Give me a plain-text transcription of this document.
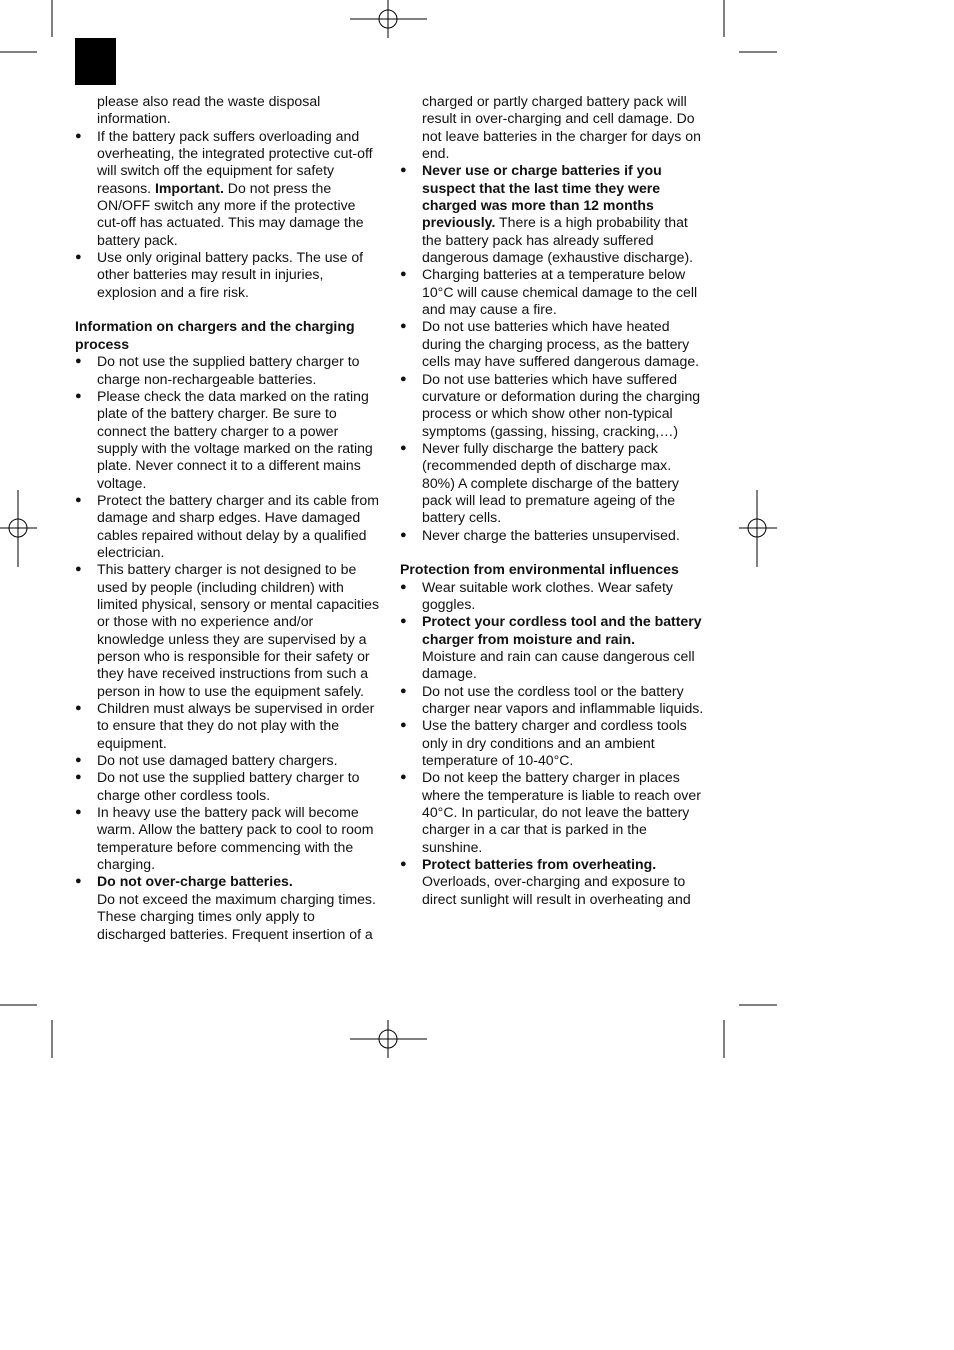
please also read the waste disposal information.
● If the battery pack suffers overloading and overheating, the integrated protective cut-off will switch off the equipment for safety reasons. Important. Do not press the ON/OFF switch any more if the protective cut-off has actuated. This may damage the battery pack.
● Use only original battery packs. The use of other batteries may result in injuries, explosion and a fire risk.
Information on chargers and the charging process
● Do not use the supplied battery charger to charge non-rechargeable batteries.
● Please check the data marked on the rating plate of the battery charger. Be sure to connect the battery charger to a power supply with the voltage marked on the rating plate. Never connect it to a different mains voltage.
● Protect the battery charger and its cable from damage and sharp edges. Have damaged cables repaired without delay by a qualified electrician.
● This battery charger is not designed to be used by people (including children) with limited physical, sensory or mental capacities or those with no experience and/or knowledge unless they are supervised by a person who is responsible for their safety or they have received instructions from such a person in how to use the equipment safely.
● Children must always be supervised in order to ensure that they do not play with the equipment.
● Do not use damaged battery chargers.
● Do not use the supplied battery charger to charge other cordless tools.
● In heavy use the battery pack will become warm. Allow the battery pack to cool to room temperature before commencing with the charging.
● Do not over-charge batteries.
Do not exceed the maximum charging times. These charging times only apply to discharged batteries. Frequent insertion of a
charged or partly charged battery pack will result in over-charging and cell damage. Do not leave batteries in the charger for days on end.
● Never use or charge batteries if you suspect that the last time they were charged was more than 12 months previously. There is a high probability that the battery pack has already suffered dangerous damage (exhaustive discharge).
● Charging batteries at a temperature below 10°C will cause chemical damage to the cell and may cause a fire.
● Do not use batteries which have heated during the charging process, as the battery cells may have suffered dangerous damage.
● Do not use batteries which have suffered curvature or deformation during the charging process or which show other non-typical symptoms (gassing, hissing, cracking,…)
● Never fully discharge the battery pack (recommended depth of discharge max. 80%) A complete discharge of the battery pack will lead to premature ageing of the battery cells.
● Never charge the batteries unsupervised.
Protection from environmental influences
● Wear suitable work clothes. Wear safety goggles.
● Protect your cordless tool and the battery charger from moisture and rain.
Moisture and rain can cause dangerous cell damage.
● Do not use the cordless tool or the battery charger near vapors and inflammable liquids.
● Use the battery charger and cordless tools only in dry conditions and an ambient temperature of 10-40°C.
● Do not keep the battery charger in places where the temperature is liable to reach over 40°C. In particular, do not leave the battery charger in a car that is parked in the sunshine.
● Protect batteries from overheating.
Overloads, over-charging and exposure to direct sunlight will result in overheating and
